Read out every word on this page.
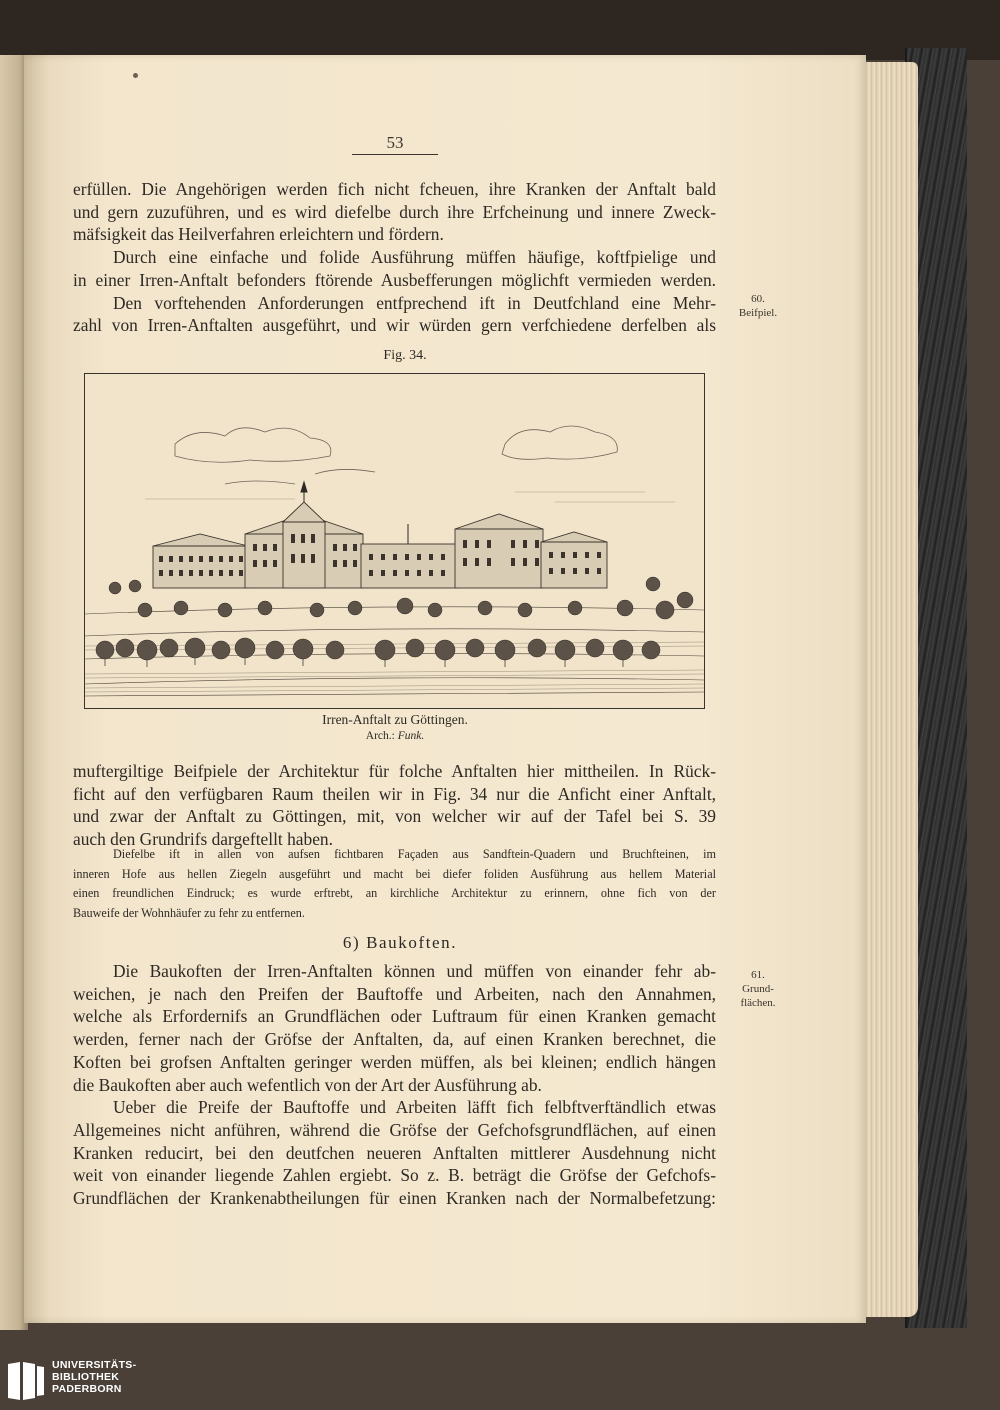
53

erfüllen. Die Angehörigen werden fich nicht fcheuen, ihre Kranken der Anftalt bald

und gern zuzuführen, und es wird diefelbe durch ihre Erfcheinung und innere Zweck-

mäfsigkeit das Heilverfahren erleichtern und fördern.

Durch eine einfache und folide Ausführung müffen häufige, koftfpielige und

in einer Irren-Anftalt befonders ftörende Ausbefferungen möglichft vermieden werden.

Den vorftehenden Anforderungen entfprechend ift in Deutfchland eine Mehr-

zahl von Irren-Anftalten ausgeführt, und wir würden gern verfchiedene derfelben als

60.
Beifpiel.
Fig. 34.
Irren-Anftalt zu Göttingen.
Arch.: Funk.

muftergiltige Beifpiele der Architektur für folche Anftalten hier mittheilen. In Rück-

ficht auf den verfügbaren Raum theilen wir in Fig. 34 nur die Anficht einer Anftalt,

und zwar der Anftalt zu Göttingen, mit, von welcher wir auf der Tafel bei S. 39

auch den Grundrifs dargeftellt haben.

Diefelbe ift in allen von aufsen fichtbaren Façaden aus Sandftein-Quadern und Bruchfteinen, im

inneren Hofe aus hellen Ziegeln ausgeführt und macht bei diefer foliden Ausführung aus hellem Material

einen freundlichen Eindruck; es wurde erftrebt, an kirchliche Architektur zu erinnern, ohne fich von der

Bauweife der Wohnhäufer zu fehr zu entfernen.

6) Baukoften.
61.
Grund-
flächen.

Die Baukoften der Irren-Anftalten können und müffen von einander fehr ab-

weichen, je nach den Preifen der Bauftoffe und Arbeiten, nach den Annahmen,

welche als Erfordernifs an Grundflächen oder Luftraum für einen Kranken gemacht

werden, ferner nach der Gröfse der Anftalten, da, auf einen Kranken berechnet, die

Koften bei grofsen Anftalten geringer werden müffen, als bei kleinen; endlich hängen

die Baukoften aber auch wefentlich von der Art der Ausführung ab.

Ueber die Preife der Bauftoffe und Arbeiten läfft fich felbftverftändlich etwas

Allgemeines nicht anführen, während die Gröfse der Gefchofsgrundflächen, auf einen

Kranken reducirt, bei den deutfchen neueren Anftalten mittlerer Ausdehnung nicht

weit von einander liegende Zahlen ergiebt. So z. B. beträgt die Gröfse der Gefchofs-

Grundflächen der Krankenabtheilungen für einen Kranken nach der Normalbefetzung:

UNIVERSITÄTS-
BIBLIOTHEK
PADERBORN
